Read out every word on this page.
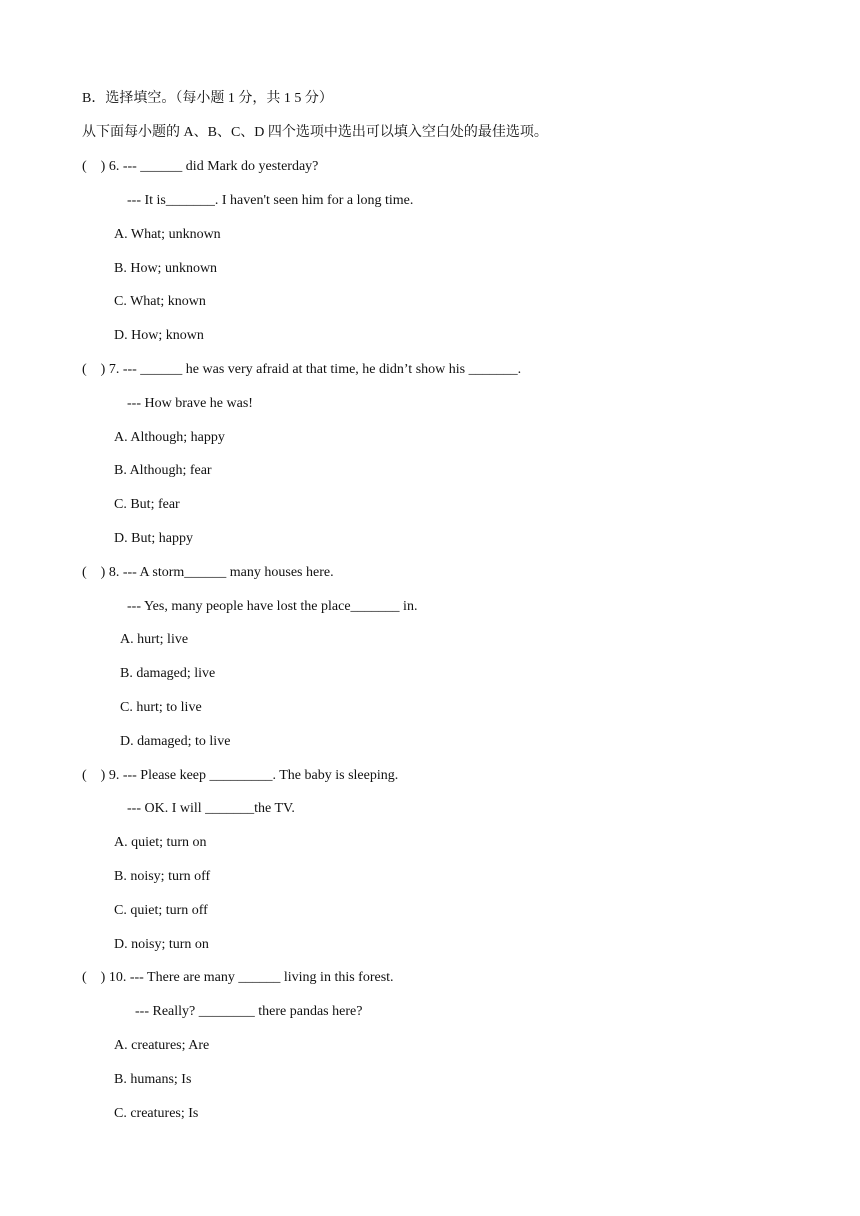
B．选择填空。（每小题 1 分，共 1 5 分）
从下面每小题的 A、B、C、D 四个选项中选出可以填入空白处的最佳选项。
(    ) 6. --- ______ did Mark do yesterday?
--- It is_______. I haven't seen him for a long time.
A. What; unknown
B. How; unknown
C. What; known
D. How; known
(    ) 7. --- ______ he was very afraid at that time, he didn’t show his _______.
--- How brave he was!
A. Although; happy
B. Although; fear
C. But; fear
D. But; happy
(    ) 8. --- A storm______ many houses here.
--- Yes, many people have lost the place_______ in.
A. hurt; live
B. damaged; live
C. hurt; to live
D. damaged; to live
(    ) 9. --- Please keep _________. The baby is sleeping.
--- OK. I will _______the TV.
A. quiet; turn on
B. noisy; turn off
C. quiet; turn off
D. noisy; turn on
(    ) 10. --- There are many ______ living in this forest.
--- Really? ________ there pandas here?
A. creatures; Are
B. humans; Is
C. creatures; Is
